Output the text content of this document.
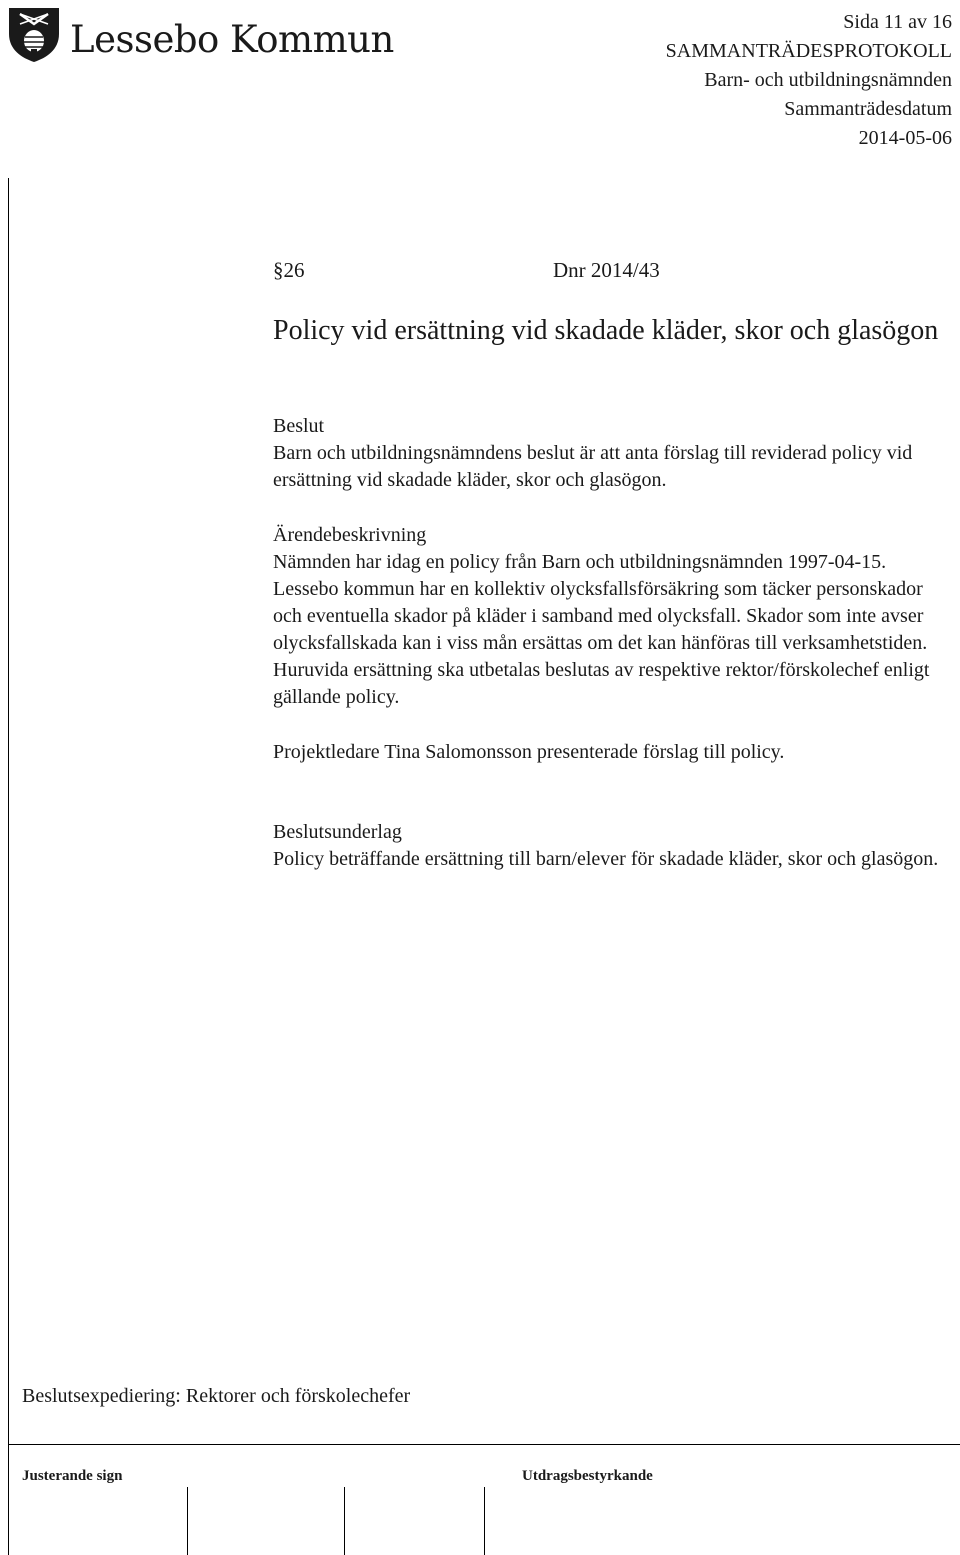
Lessebo Kommun	Sida 11 av 16
SAMMANTRÄDESPROTOKOLL
Barn- och utbildningsnämnden
Sammanträdesdatum
2014-05-06
§26	Dnr 2014/43
Policy vid ersättning vid skadade kläder, skor och glasögon

Beslut

Barn och utbildningsnämndens beslut är att anta förslag till reviderad policy vid ersättning vid skadade kläder, skor och glasögon.

Ärendebeskrivning

Nämnden har idag en policy från Barn och utbildningsnämnden 1997-04-15.

Lessebo kommun har en kollektiv olycksfallsförsäkring som täcker personskador och eventuella skador på kläder i samband med olycksfall. Skador som inte avser olycksfallskada kan i viss mån ersättas om det kan hänföras till verksamhetstiden. Huruvida ersättning ska utbetalas beslutas av respektive rektor/förskolechef enligt gällande policy.

Projektledare Tina Salomonsson presenterade förslag till policy.

Beslutsunderlag

Policy beträffande ersättning till barn/elever för skadade kläder, skor och glasögon.

Beslutsexpediering: Rektorer och förskolechefer
Justerande sign	Utdragsbestyrkande
